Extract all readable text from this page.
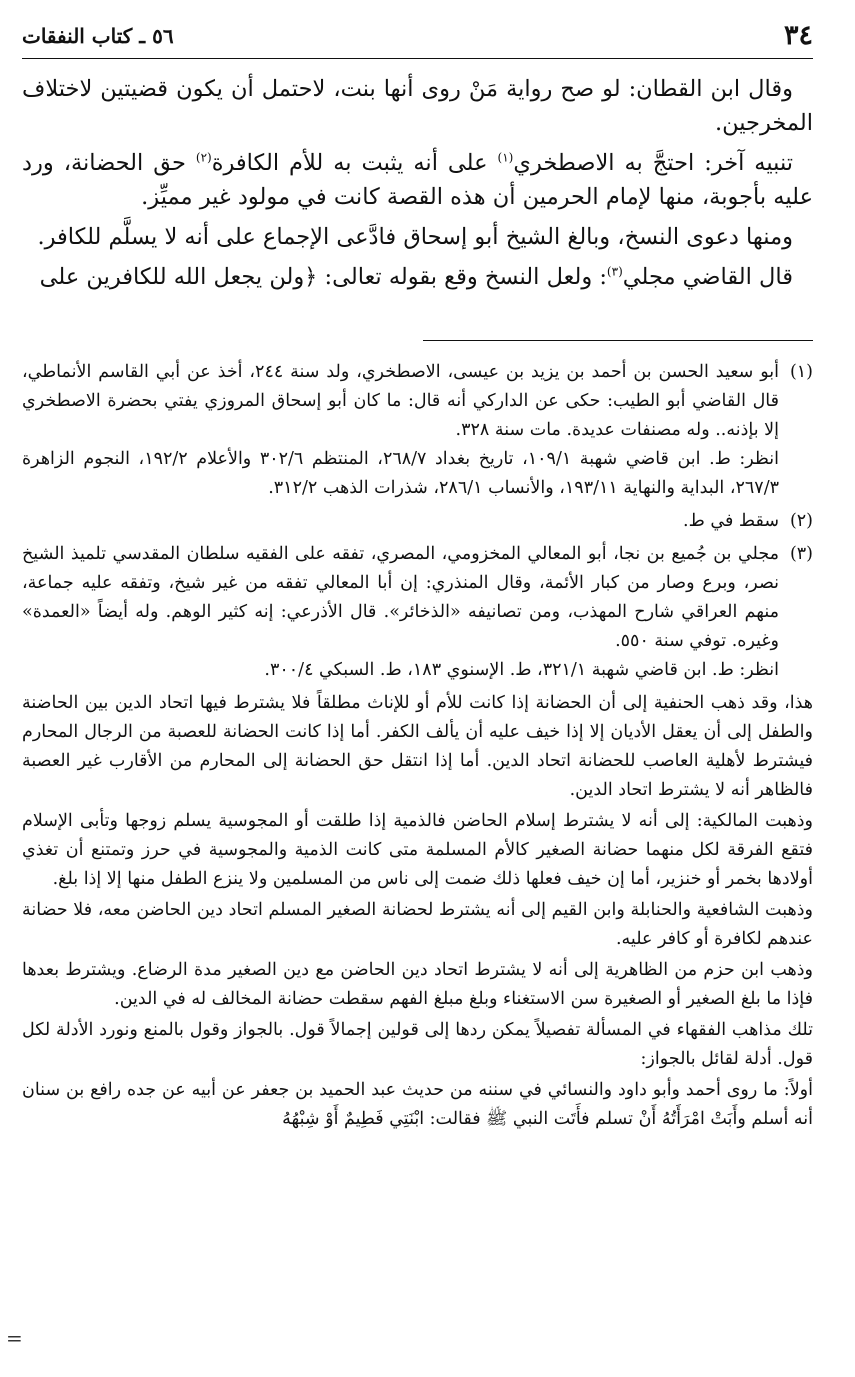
٣٤
٥٦ ـ كتاب النفقات

وقال ابن القطان: لو صح رواية مَنْ روى أنها بنت، لاحتمل أن يكون قضيتين لاختلاف المخرجين.

تنبيه آخر: احتجَّ به الاصطخري$^{(١)}$ على أنه يثبت به للأم الكافرة$^{(٢)}$ حق الحضانة، ورد عليه بأجوبة، منها لإمام الحرمين أن هذه القصة كانت في مولود غير مميِّز.

ومنها دعوى النسخ، وبالغ الشيخ أبو إسحاق فادَّعى الإجماع على أنه لا يسلَّم للكافر.

قال القاضي مجلي$^{(٣)}$: ولعل النسخ وقع بقوله تعالى: ﴿ولن يجعل الله للكافرين على

(١)

أبو سعيد الحسن بن أحمد بن يزيد بن عيسى، الاصطخري، ولد سنة ٢٤٤، أخذ عن أبي القاسم الأنماطي، قال القاضي أبو الطيب: حكى عن الداركي أنه قال: ما كان أبو إسحاق المروزي يفتي بحضرة الاصطخري إلا بإذنه.. وله مصنفات عديدة. مات سنة ٣٢٨.

انظر: ط. ابن قاضي شهبة ١٠٩/١، تاريخ بغداد ٢٦٨/٧، المنتظم ٣٠٢/٦ والأعلام ١٩٢/٢، النجوم الزاهرة ٢٦٧/٣، البداية والنهاية ١٩٣/١١، والأنساب ٢٨٦/١، شذرات الذهب ٣١٢/٢.

(٢)

سقط في ط.

(٣)

مجلي بن جُميع بن نجا، أبو المعالي المخزومي، المصري، تفقه على الفقيه سلطان المقدسي تلميذ الشيخ نصر، وبرع وصار من كبار الأئمة، وقال المنذري: إن أبا المعالي تفقه من غير شيخ، وتفقه عليه جماعة، منهم العراقي شارح المهذب، ومن تصانيفه «الذخائر». قال الأذرعي: إنه كثير الوهم. وله أيضاً «العمدة» وغيره. توفي سنة ٥٥٠.

انظر: ط. ابن قاضي شهبة ٣٢١/١، ط. الإسنوي ١٨٣، ط. السبكي ٣٠٠/٤.

هذا، وقد ذهب الحنفية إلى أن الحضانة إذا كانت للأم أو للإناث مطلقاً فلا يشترط فيها اتحاد الدين بين الحاضنة والطفل إلى أن يعقل الأديان إلا إذا خيف عليه أن يألف الكفر. أما إذا كانت الحضانة للعصبة من الرجال المحارم فيشترط لأهلية العاصب للحضانة اتحاد الدين. أما إذا انتقل حق الحضانة إلى المحارم من الأقارب غير العصبة فالظاهر أنه لا يشترط اتحاد الدين.

وذهبت المالكية: إلى أنه لا يشترط إسلام الحاضن فالذمية إذا طلقت أو المجوسية يسلم زوجها وتأبى الإسلام فتقع الفرقة لكل منهما حضانة الصغير كالأم المسلمة متى كانت الذمية والمجوسية في حرز وتمتنع أن تغذي أولادها بخمر أو خنزير، أما إن خيف فعلها ذلك ضمت إلى ناس من المسلمين ولا ينزع الطفل منها إلا إذا بلغ.

وذهبت الشافعية والحنابلة وابن القيم إلى أنه يشترط لحضانة الصغير المسلم اتحاد دين الحاضن معه، فلا حضانة عندهم لكافرة أو كافر عليه.

وذهب ابن حزم من الظاهرية إلى أنه لا يشترط اتحاد دين الحاضن مع دين الصغير مدة الرضاع. ويشترط بعدها فإذا ما بلغ الصغير أو الصغيرة سن الاستغناء وبلغ مبلغ الفهم سقطت حضانة المخالف له في الدين.

تلك مذاهب الفقهاء في المسألة تفصيلاً يمكن ردها إلى قولين إجمالاً قول. بالجواز وقول بالمنع ونورد الأدلة لكل قول. أدلة لقائل بالجواز:

أولاً: ما روى أحمد وأبو داود والنسائي في سننه من حديث عبد الحميد بن جعفر عن أبيه عن جده رافع بن سنان أنه أسلم وأَبَتْ امْرَأَتُهُ أَنْ تسلم فأَتَت النبي ﷺ فقالت: ابْنَتِي فَطِيمٌ أَوْ شِبْهُهُ

=
